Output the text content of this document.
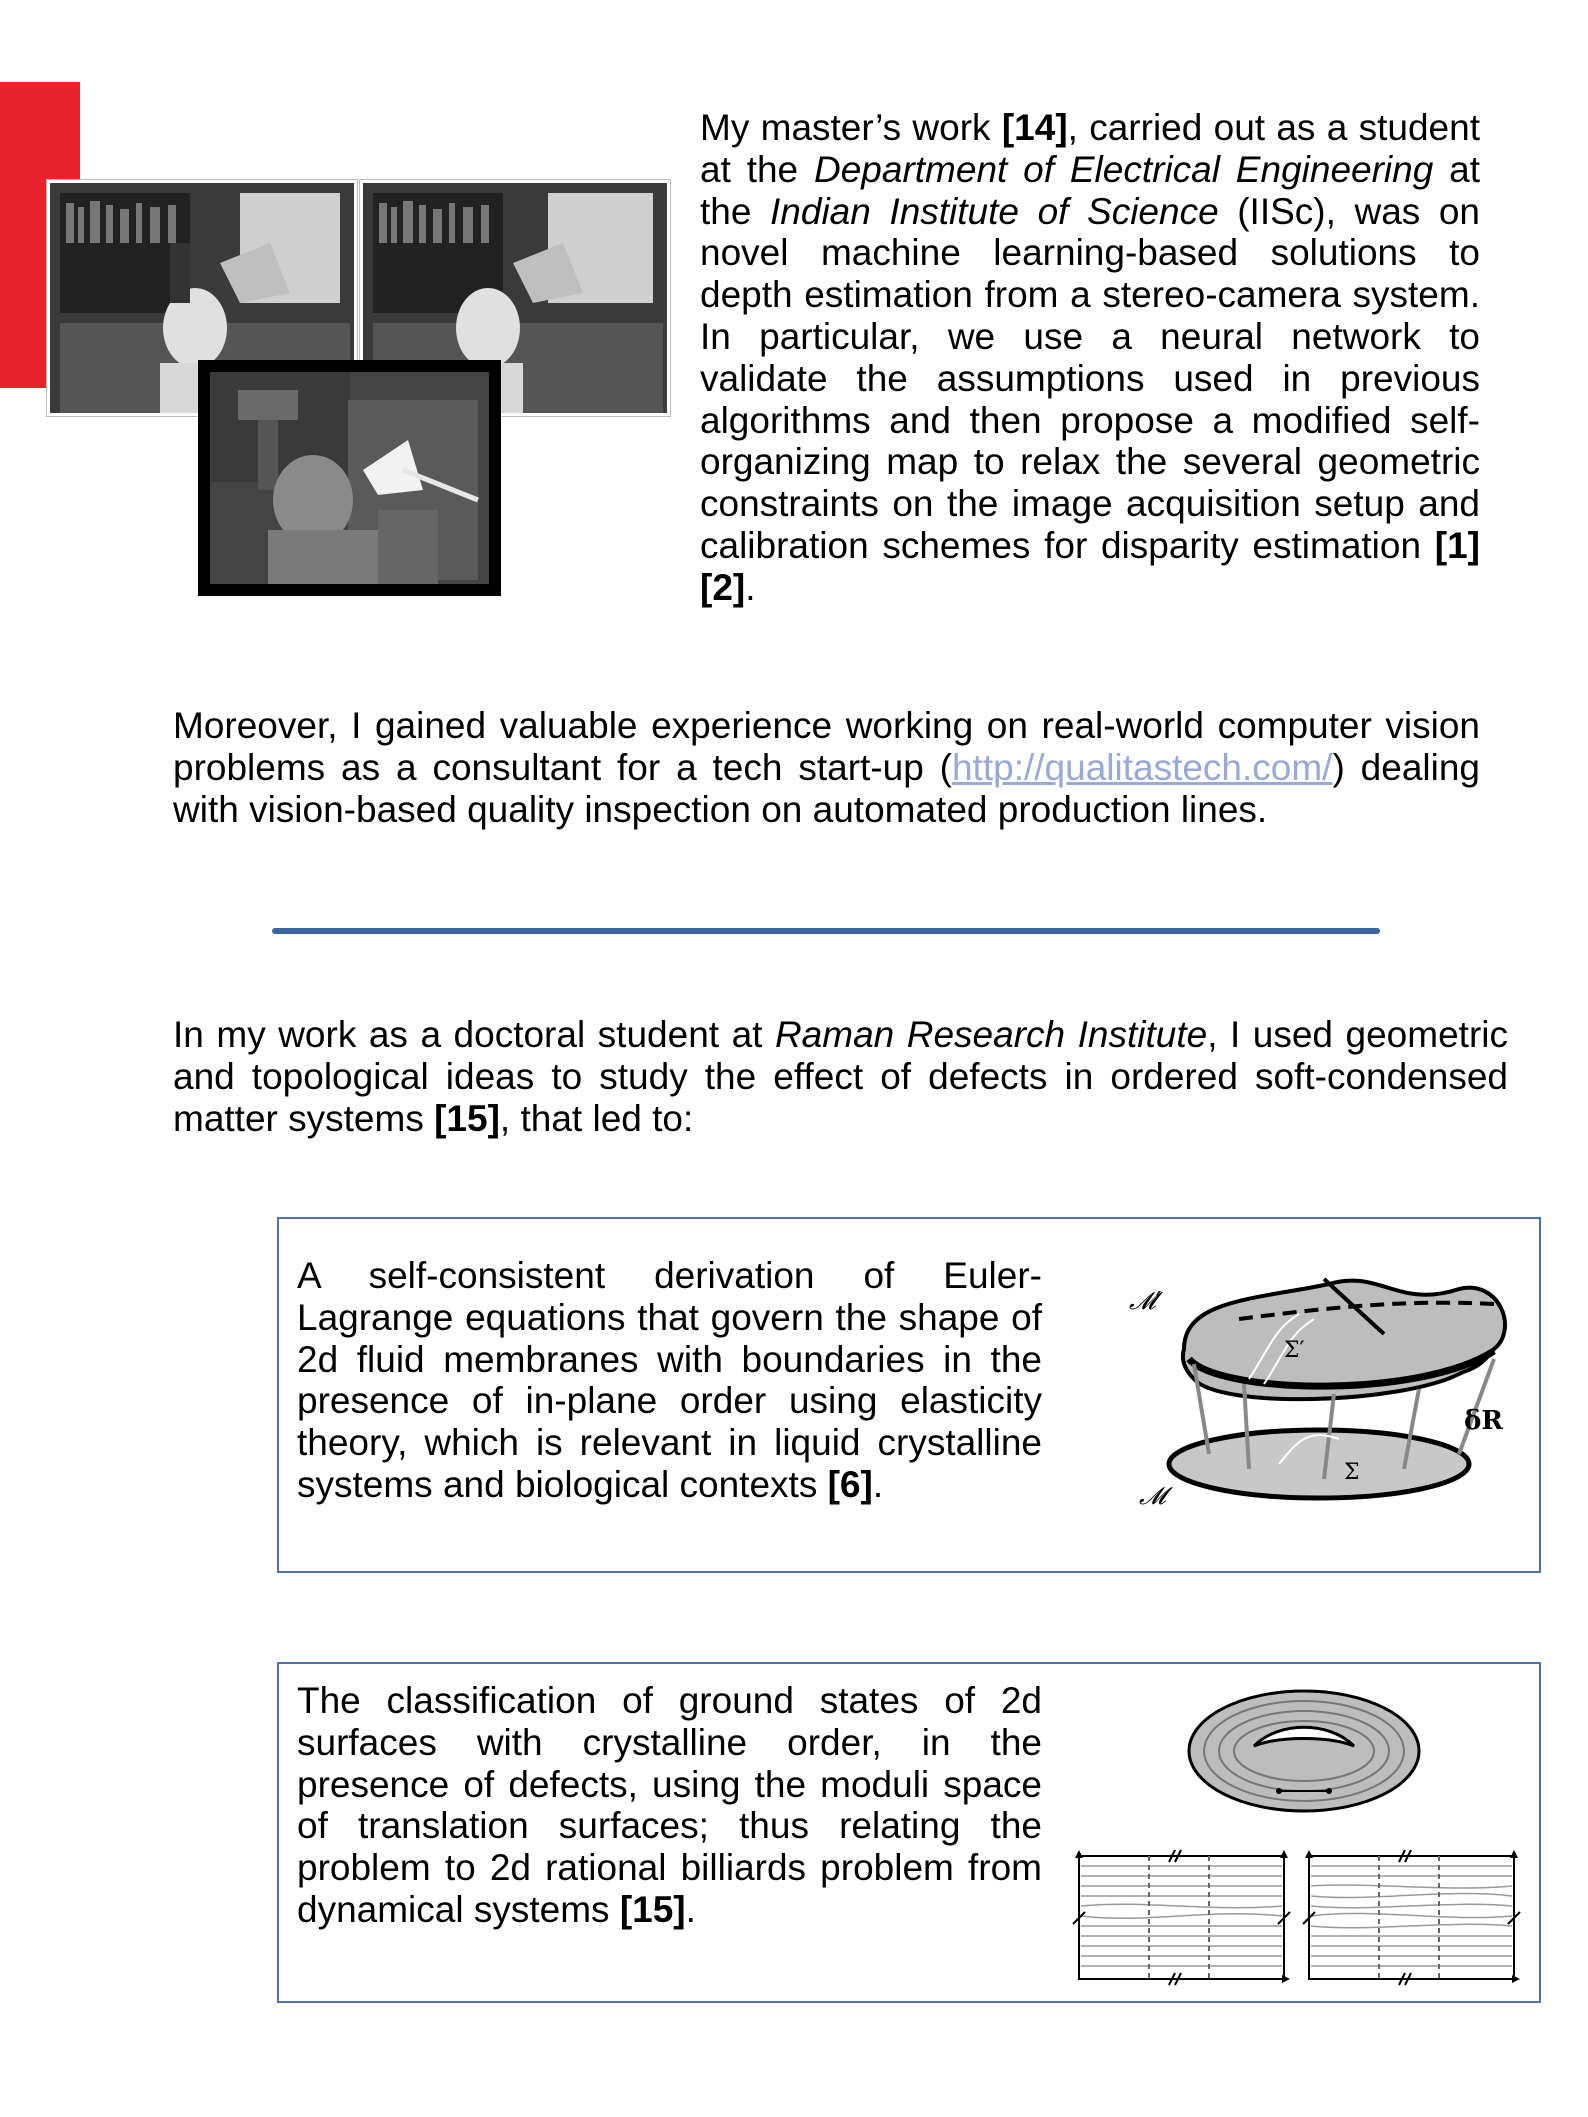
My master’s work [14], carried out as a student at the Department of Electrical Engineering at the Indian Institute of Science (IISc), was on novel machine learning-based solutions to depth estimation from a stereo-camera system. In particular, we use a neural network to validate the assumptions used in previous algorithms and then propose a modified self-organizing map to relax the several geometric constraints on the image acquisition setup and calibration schemes for disparity estimation [1][2].

Moreover, I gained valuable experience working on real-world computer vision problems as a consultant for a tech start-up (http://qualitastech.com/) dealing with vision-based quality inspection on automated production lines.

In my work as a doctoral student at Raman Research Institute, I used geometric and topological ideas to study the effect of defects in ordered soft-condensed matter systems [15], that led to:

A self-consistent derivation of Euler-Lagrange equations that govern the shape of 2d fluid membranes with boundaries in the presence of in-plane order using elasticity theory, which is relevant in liquid crystalline systems and biological contexts [6].

𝓜′
𝓜
Σ′
Σ
δR

The classification of ground states of 2d surfaces with crystalline order, in the presence of defects, using the moduli space of translation surfaces; thus relating the problem to 2d rational billiards problem from dynamical systems [15].
